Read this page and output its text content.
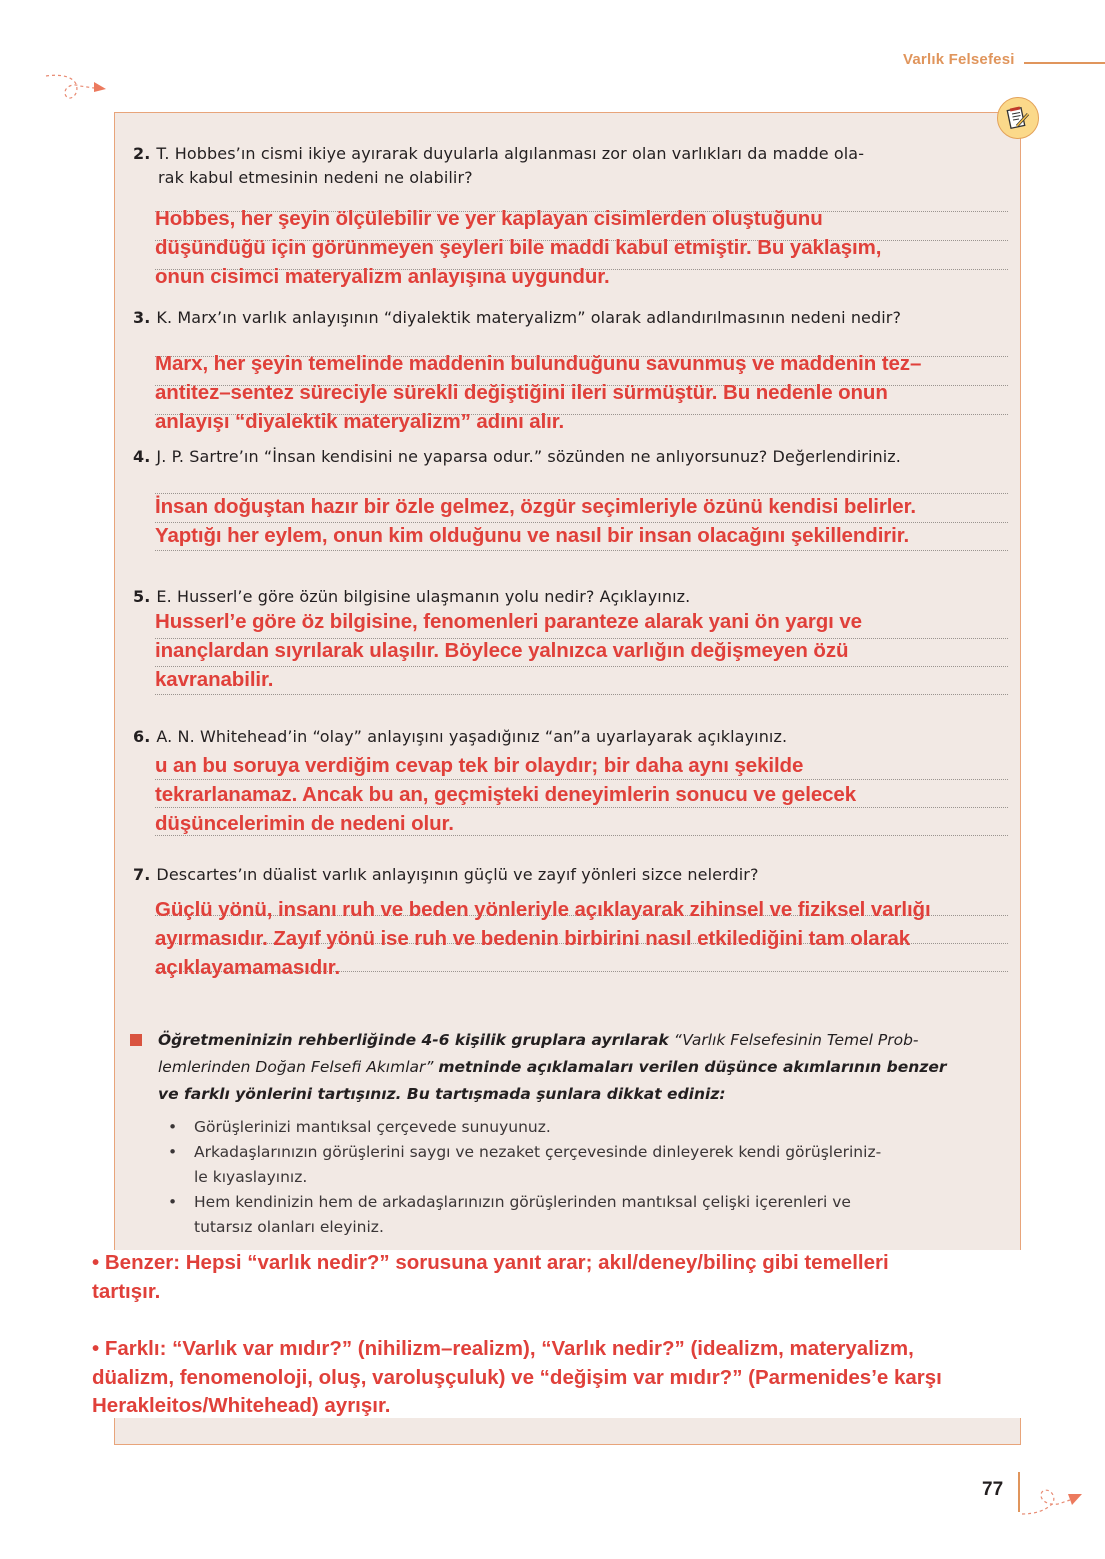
Varlık Felsefesi
2. T. Hobbes’ın cismi ikiye ayırarak duyularla algılanması zor olan varlıkları da madde ola-
rak kabul etmesinin nedeni ne olabilir?
Hobbes, her şeyin ölçülebilir ve yer kaplayan cisimlerden oluştuğunu
düşündüğü için görünmeyen şeyleri bile maddi kabul etmiştir. Bu yaklaşım,
onun cisimci materyalizm anlayışına uygundur.
3. K. Marx’ın varlık anlayışının “diyalektik materyalizm” olarak adlandırılmasının nedeni nedir?
Marx, her şeyin temelinde maddenin bulunduğunu savunmuş ve maddenin tez–
antitez–sentez süreciyle sürekli değiştiğini ileri sürmüştür. Bu nedenle onun
anlayışı “diyalektik materyalizm” adını alır.
4. J. P. Sartre’ın “İnsan kendisini ne yaparsa odur.” sözünden ne anlıyorsunuz? Değerlendiriniz.
İnsan doğuştan hazır bir özle gelmez, özgür seçimleriyle özünü kendisi belirler.
Yaptığı her eylem, onun kim olduğunu ve nasıl bir insan olacağını şekillendirir.
5. E. Husserl’e göre özün bilgisine ulaşmanın yolu nedir? Açıklayınız.
Husserl’e göre öz bilgisine, fenomenleri paranteze alarak yani ön yargı ve
inançlardan sıyrılarak ulaşılır. Böylece yalnızca varlığın değişmeyen özü
kavranabilir.
6. A. N. Whitehead’in “olay” anlayışını yaşadığınız “an”a uyarlayarak açıklayınız.
u an bu soruya verdiğim cevap tek bir olaydır; bir daha aynı şekilde
tekrarlanamaz. Ancak bu an, geçmişteki deneyimlerin sonucu ve gelecek
düşüncelerimin de nedeni olur.
7. Descartes’ın düalist varlık anlayışının güçlü ve zayıf yönleri sizce nelerdir?
Güçlü yönü, insanı ruh ve beden yönleriyle açıklayarak zihinsel ve fiziksel varlığı
ayırmasıdır. Zayıf yönü ise ruh ve bedenin birbirini nasıl etkilediğini tam olarak
açıklayamamasıdır.
Öğretmeninizin rehberliğinde 4-6 kişilik gruplara ayrılarak “Varlık Felsefesinin Temel Prob-
lemlerinden Doğan Felsefi Akımlar” metninde açıklamaları verilen düşünce akımlarının benzer
ve farklı yönlerini tartışınız. Bu tartışmada şunlara dikkat ediniz:
• Görüşlerinizi mantıksal çerçevede sunuyunuz.
• Arkadaşlarınızın görüşlerini saygı ve nezaket çerçevesinde dinleyerek kendi görüşleriniz-
le kıyaslayınız.
• Hem kendinizin hem de arkadaşlarınızın görüşlerinden mantıksal çelişki içerenleri ve
tutarsız olanları eleyiniz.
• Benzer: Hepsi “varlık nedir?” sorusuna yanıt arar; akıl/deney/bilinç gibi temelleri
tartışır.
• Farklı: “Varlık var mıdır?” (nihilizm–realizm), “Varlık nedir?” (idealizm, materyalizm,
düalizm, fenomenoloji, oluş, varoluşçuluk) ve “değişim var mıdır?” (Parmenides’e karşı
Herakleitos/Whitehead) ayrışır.
77
